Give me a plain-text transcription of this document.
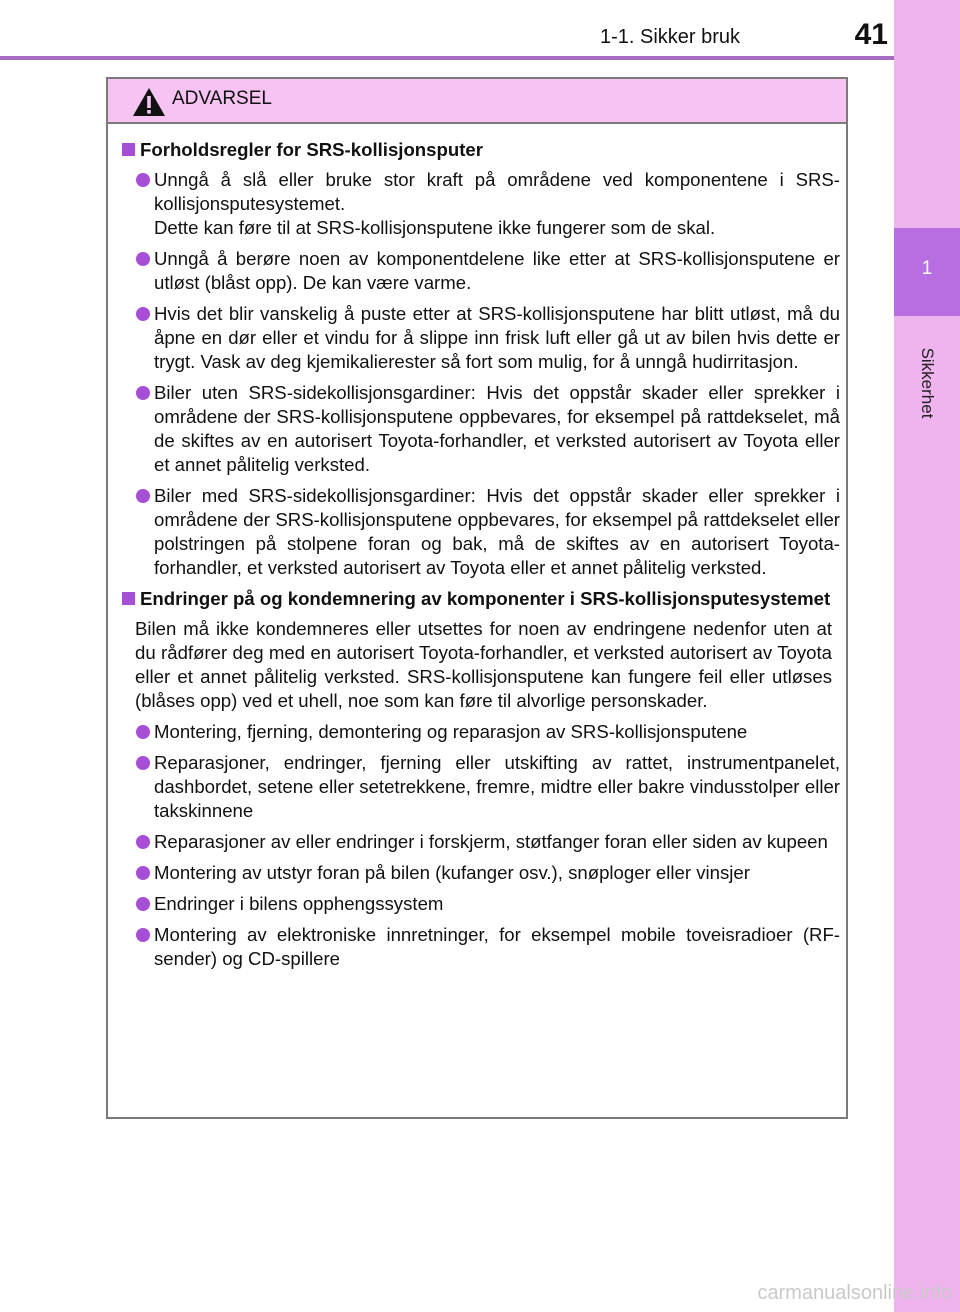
1-1. Sikker bruk	41
1
Sikkerhet
ADVARSEL
Forholdsregler for SRS-kollisjonsputer
Unngå å slå eller bruke stor kraft på områdene ved komponentene i SRS-kollisjonsputesystemet.
Dette kan føre til at SRS-kollisjonsputene ikke fungerer som de skal.
Unngå å berøre noen av komponentdelene like etter at SRS-kollisjonsputene er utløst (blåst opp). De kan være varme.
Hvis det blir vanskelig å puste etter at SRS-kollisjonsputene har blitt utløst, må du åpne en dør eller et vindu for å slippe inn frisk luft eller gå ut av bilen hvis dette er trygt. Vask av deg kjemikalierester så fort som mulig, for å unngå hudirritasjon.
Biler uten SRS-sidekollisjonsgardiner: Hvis det oppstår skader eller sprekker i områdene der SRS-kollisjonsputene oppbevares, for eksempel på rattdekselet, må de skiftes av en autorisert Toyota-forhandler, et verksted autorisert av Toyota eller et annet pålitelig verksted.
Biler med SRS-sidekollisjonsgardiner: Hvis det oppstår skader eller sprekker i områdene der SRS-kollisjonsputene oppbevares, for eksempel på rattdekselet eller polstringen på stolpene foran og bak, må de skiftes av en autorisert Toyota-forhandler, et verksted autorisert av Toyota eller et annet pålitelig verksted.
Endringer på og kondemnering av komponenter i SRS-kollisjonsputesystemet
Bilen må ikke kondemneres eller utsettes for noen av endringene nedenfor uten at du rådfører deg med en autorisert Toyota-forhandler, et verksted autorisert av Toyota eller et annet pålitelig verksted. SRS-kollisjonsputene kan fungere feil eller utløses (blåses opp) ved et uhell, noe som kan føre til alvorlige personskader.
Montering, fjerning, demontering og reparasjon av SRS-kollisjonsputene
Reparasjoner, endringer, fjerning eller utskifting av rattet, instrumentpanelet, dashbordet, setene eller setetrekkene, fremre, midtre eller bakre vindusstolper eller takskinnene
Reparasjoner av eller endringer i forskjerm, støtfanger foran eller siden av kupeen
Montering av utstyr foran på bilen (kufanger osv.), snøploger eller vinsjer
Endringer i bilens opphengssystem
Montering av elektroniske innretninger, for eksempel mobile toveisradioer (RF-sender) og CD-spillere
carmanualsonline.info
